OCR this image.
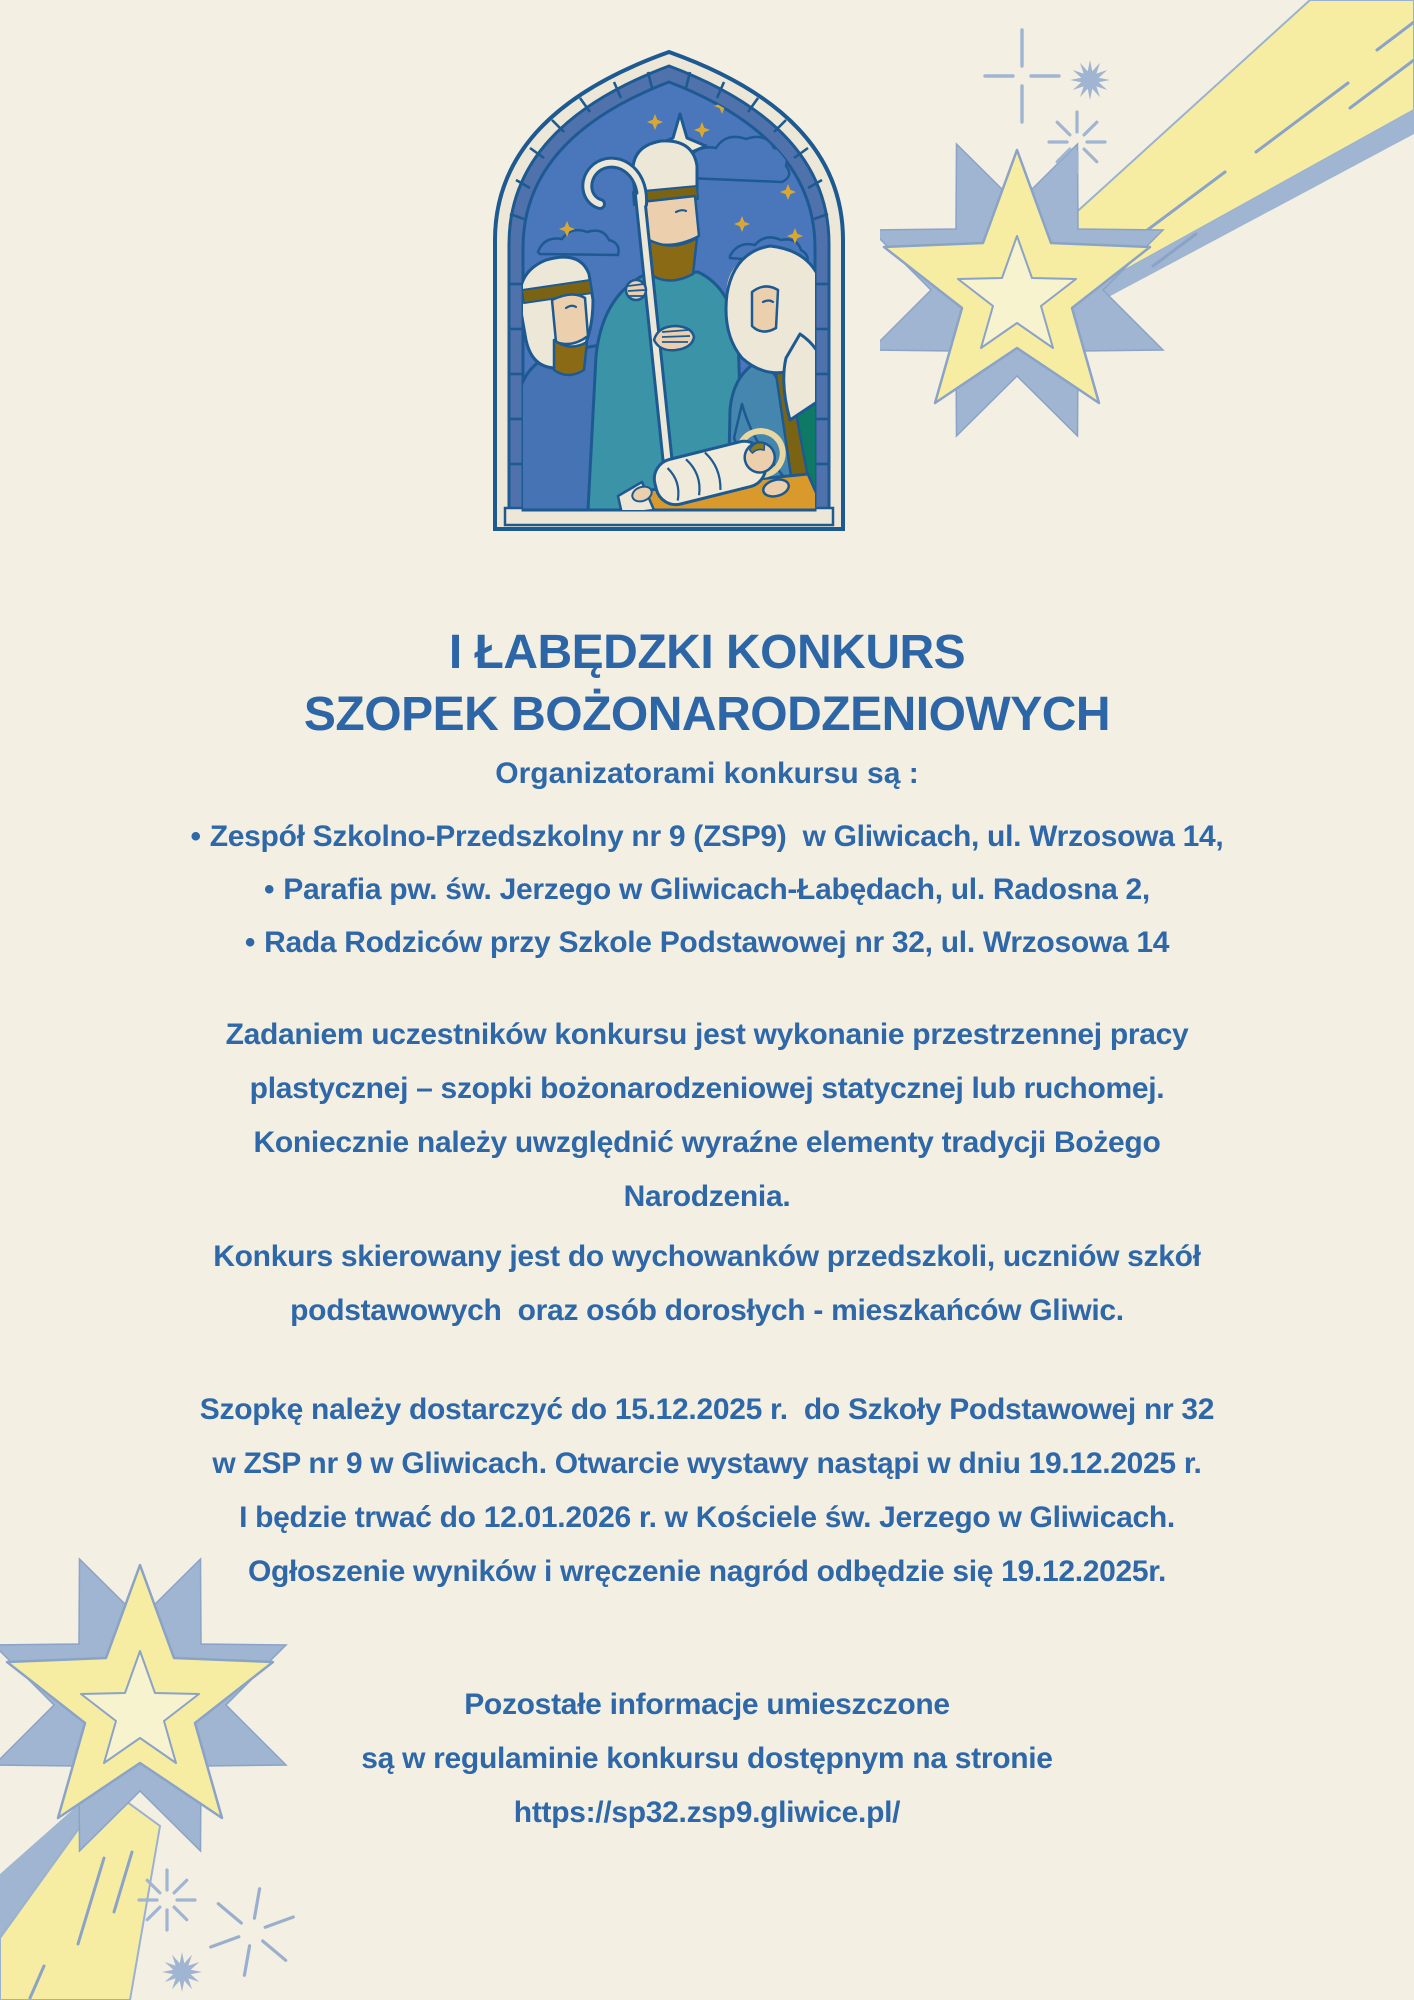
I ŁABĘDZKI KONKURS
SZOPEK BOŻONARODZENIOWYCH
Organizatorami konkursu są :
• Zespół Szkolno-Przedszkolny nr 9 (ZSP9)  w Gliwicach, ul. Wrzosowa 14,
• Parafia pw. św. Jerzego w Gliwicach-Łabędach, ul. Radosna 2,
• Rada Rodziców przy Szkole Podstawowej nr 32, ul. Wrzosowa 14
Zadaniem uczestników konkursu jest wykonanie przestrzennej pracy
plastycznej – szopki bożonarodzeniowej statycznej lub ruchomej.
Koniecznie należy uwzględnić wyraźne elementy tradycji Bożego
Narodzenia.
Konkurs skierowany jest do wychowanków przedszkoli, uczniów szkół
podstawowych  oraz osób dorosłych - mieszkańców Gliwic.
Szopkę należy dostarczyć do 15.12.2025 r.  do Szkoły Podstawowej nr 32
w ZSP nr 9 w Gliwicach. Otwarcie wystawy nastąpi w dniu 19.12.2025 r.
I będzie trwać do 12.01.2026 r. w Kościele św. Jerzego w Gliwicach.
Ogłoszenie wyników i wręczenie nagród odbędzie się 19.12.2025r.
Pozostałe informacje umieszczone
są w regulaminie konkursu dostępnym na stronie
https://sp32.zsp9.gliwice.pl/
